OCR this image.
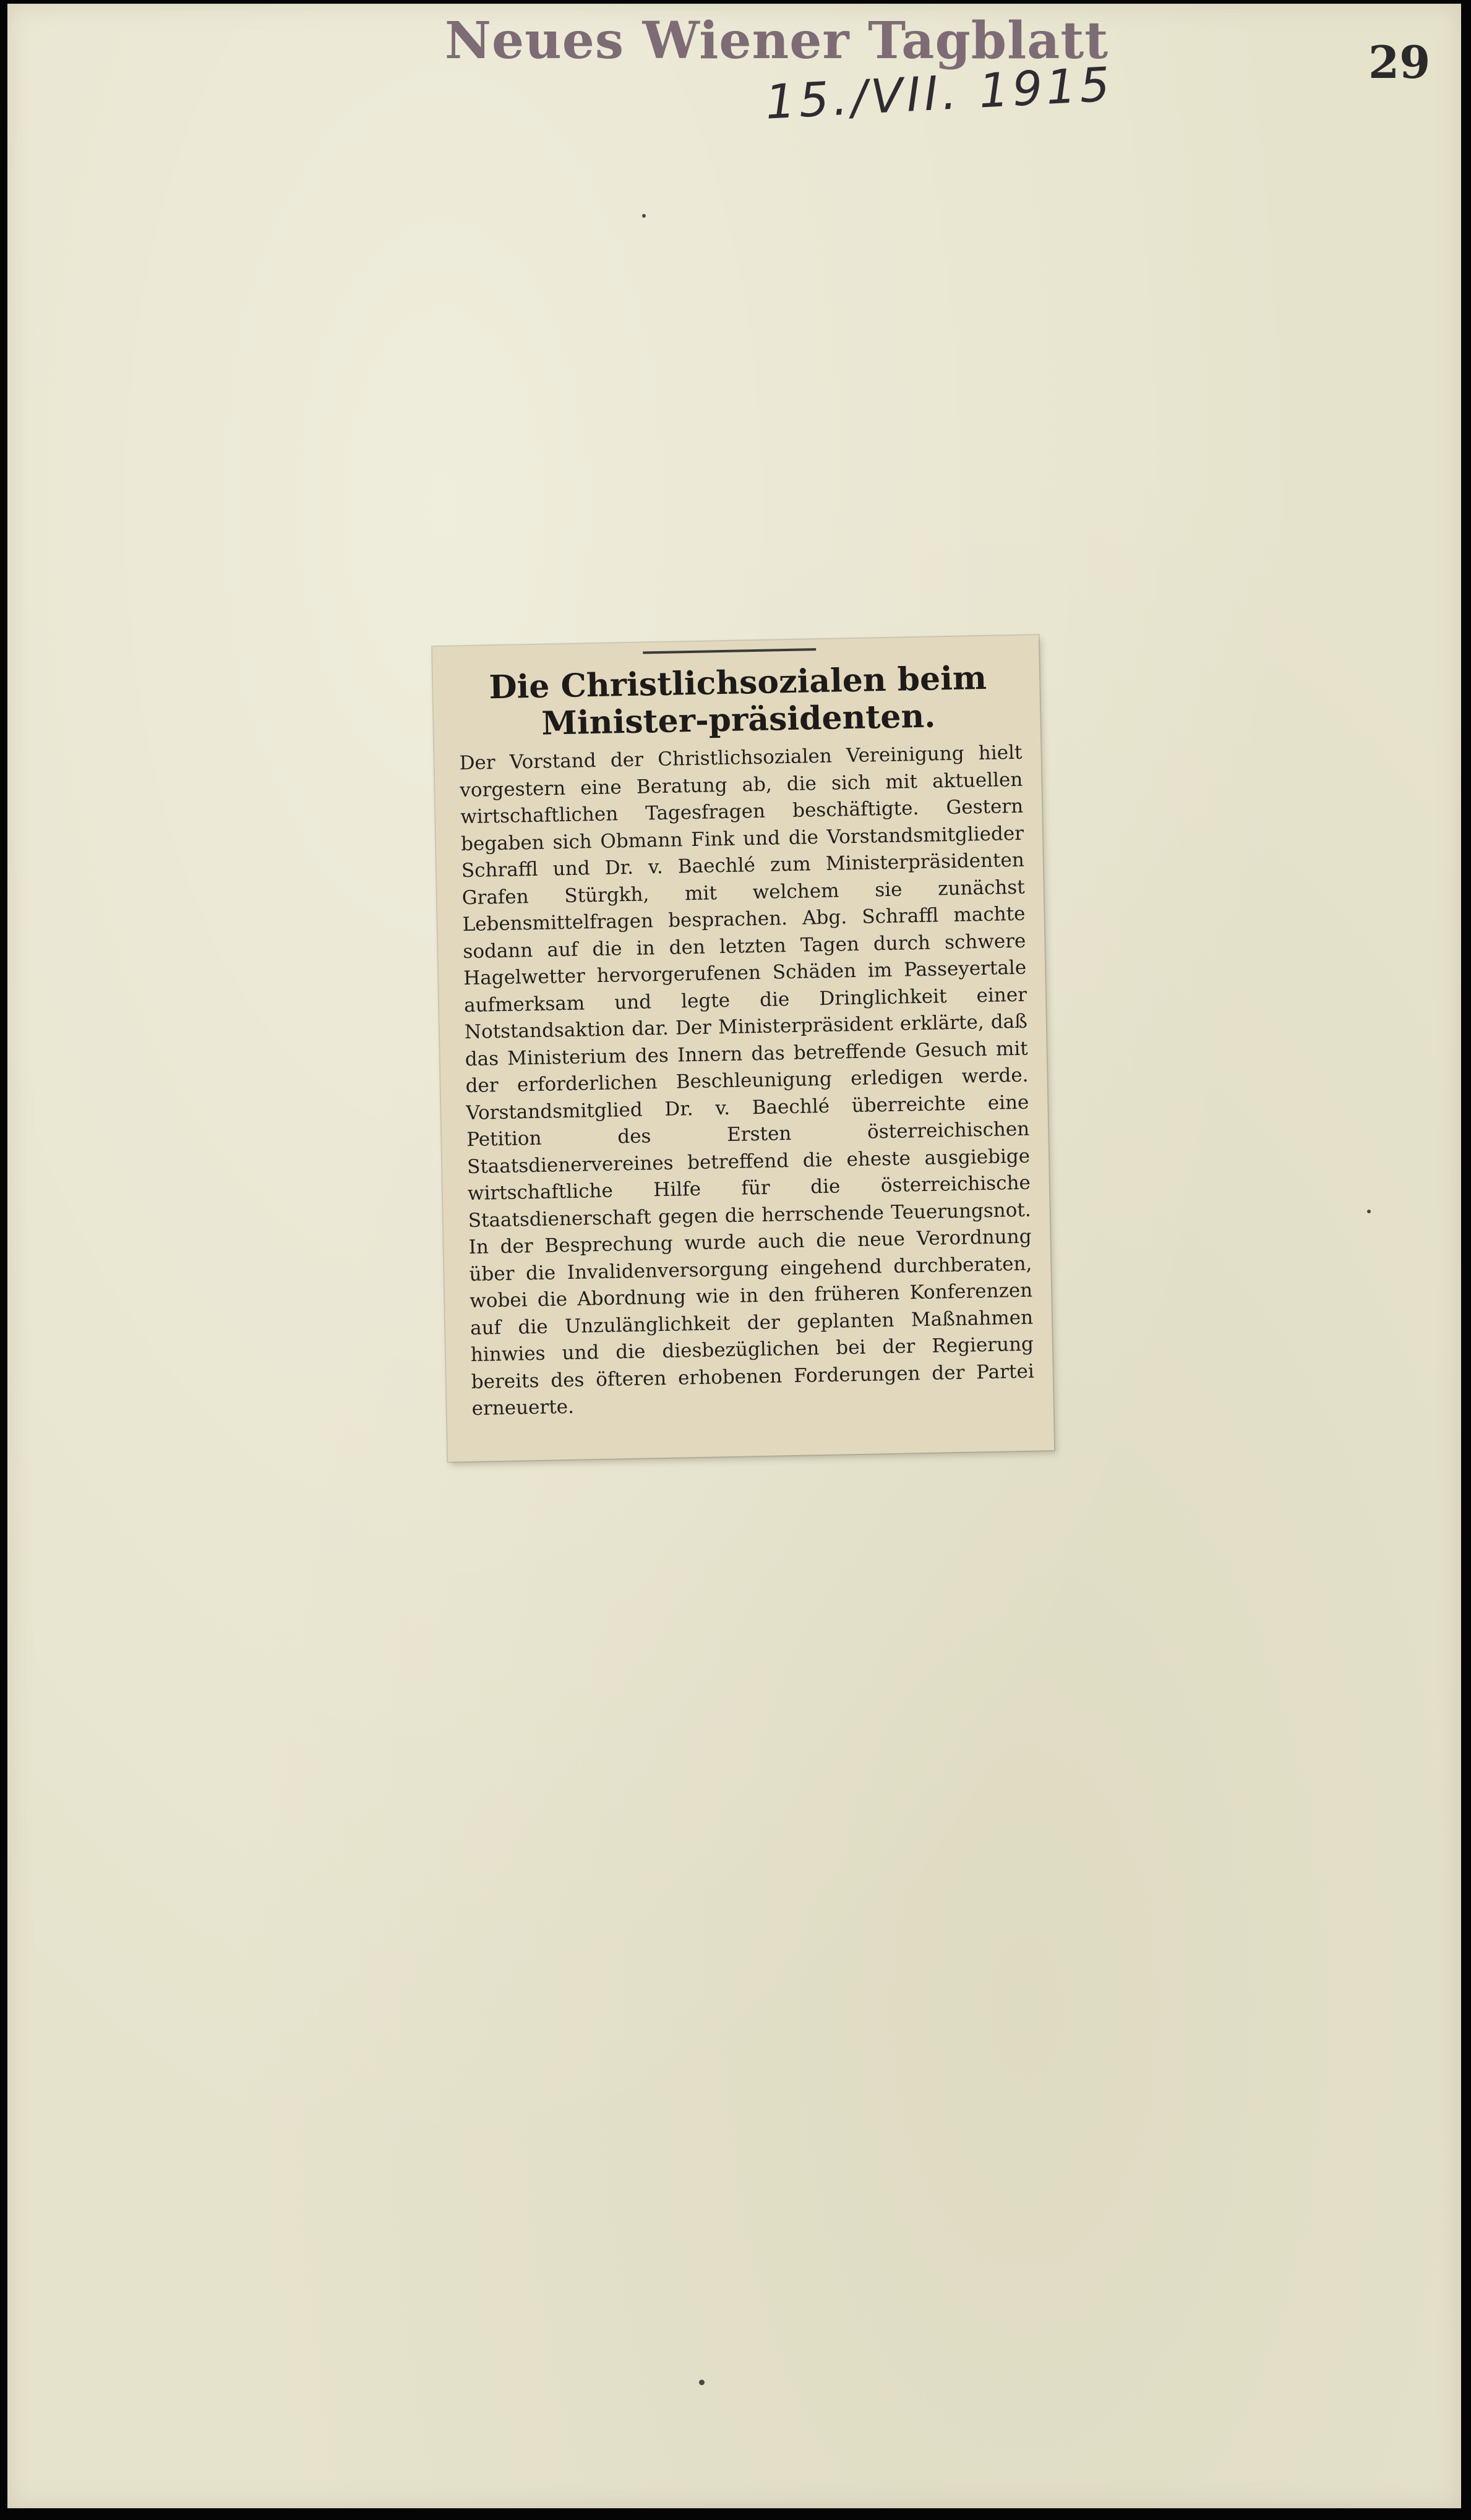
Neues Wiener Tagblatt
15./VII. 1915	29
Die Christlichsozialen beim Minister-präsidenten.

Der Vorstand der Christlichsozialen Vereinigung hielt vorgestern eine Beratung ab, die sich mit aktuellen wirtschaftlichen Tagesfragen beschäftigte. Gestern begaben sich Obmann Fink und die Vorstandsmitglieder Schraffl und Dr. v. Baechlé zum Ministerpräsidenten Grafen Stürgkh, mit welchem sie zunächst Lebensmittelfragen besprachen. Abg. Schraffl machte sodann auf die in den letzten Tagen durch schwere Hagelwetter hervorgerufenen Schäden im Passeyertale aufmerksam und legte die Dringlichkeit einer Notstandsaktion dar. Der Ministerpräsident erklärte, daß das Ministerium des Innern das betreffende Gesuch mit der erforderlichen Beschleunigung erledigen werde. Vorstandsmitglied Dr. v. Baechlé überreichte eine Petition des Ersten österreichischen Staatsdienervereines betreffend die eheste ausgiebige wirtschaftliche Hilfe für die österreichische Staatsdienerschaft gegen die herrschende Teuerungsnot. In der Besprechung wurde auch die neue Verordnung über die Invalidenversorgung eingehend durchberaten, wobei die Abordnung wie in den früheren Konferenzen auf die Unzulänglichkeit der geplanten Maßnahmen hinwies und die diesbezüglichen bei der Regierung bereits des öfteren erhobenen Forderungen der Partei erneuerte.
